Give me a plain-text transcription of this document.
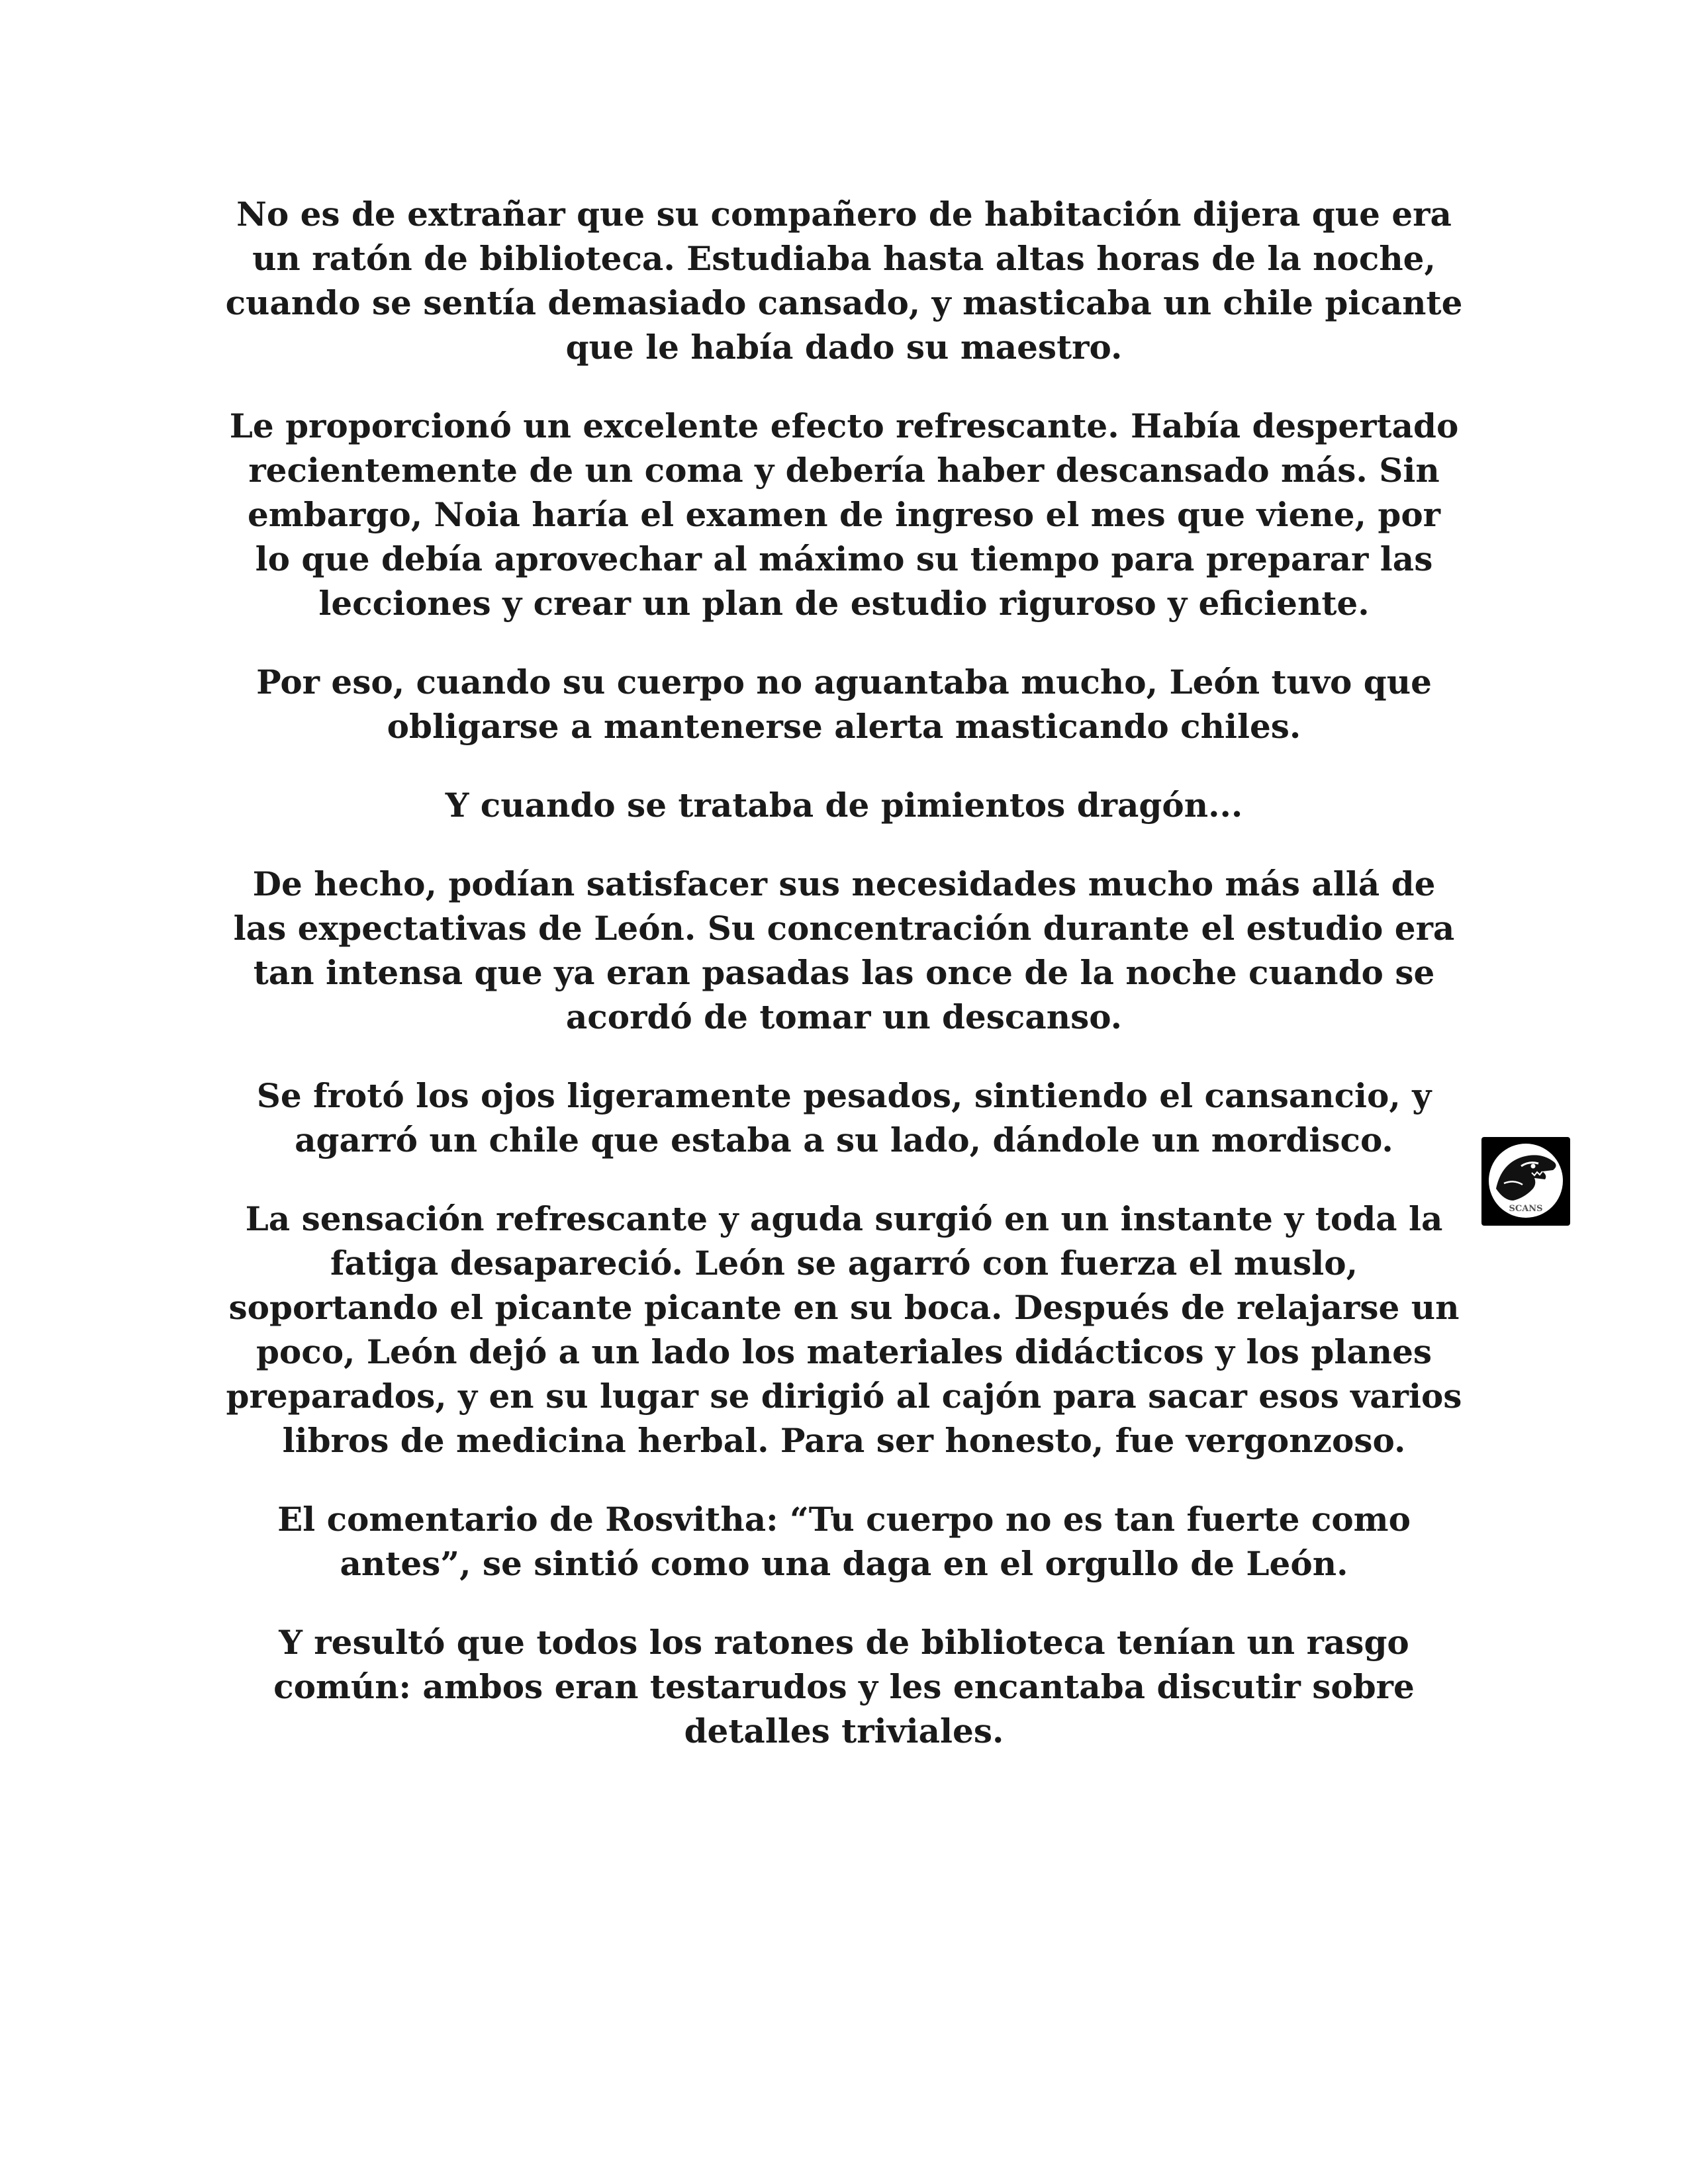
No es de extrañar que su compañero de habitación dijera que era un ratón de biblioteca. Estudiaba hasta altas horas de la noche, cuando se sentía demasiado cansado, y masticaba un chile picante que le había dado su maestro.

Le proporcionó un excelente efecto refrescante. Había despertado recientemente de un coma y debería haber descansado más. Sin embargo, Noia haría el examen de ingreso el mes que viene, por lo que debía aprovechar al máximo su tiempo para preparar las lecciones y crear un plan de estudio riguroso y eficiente.

Por eso, cuando su cuerpo no aguantaba mucho, León tuvo que obligarse a mantenerse alerta masticando chiles.

Y cuando se trataba de pimientos dragón...

De hecho, podían satisfacer sus necesidades mucho más allá de las expectativas de León. Su concentración durante el estudio era tan intensa que ya eran pasadas las once de la noche cuando se acordó de tomar un descanso.

Se frotó los ojos ligeramente pesados, sintiendo el cansancio, y agarró un chile que estaba a su lado, dándole un mordisco.

La sensación refrescante y aguda surgió en un instante y toda la fatiga desapareció. León se agarró con fuerza el muslo, soportando el picante picante en su boca. Después de relajarse un poco, León dejó a un lado los materiales didácticos y los planes preparados, y en su lugar se dirigió al cajón para sacar esos varios libros de medicina herbal. Para ser honesto, fue vergonzoso.

El comentario de Rosvitha: “Tu cuerpo no es tan fuerte como antes”, se sintió como una daga en el orgullo de León.

Y resultó que todos los ratones de biblioteca tenían un rasgo común: ambos eran testarudos y les encantaba discutir sobre detalles triviales.

SCANS
